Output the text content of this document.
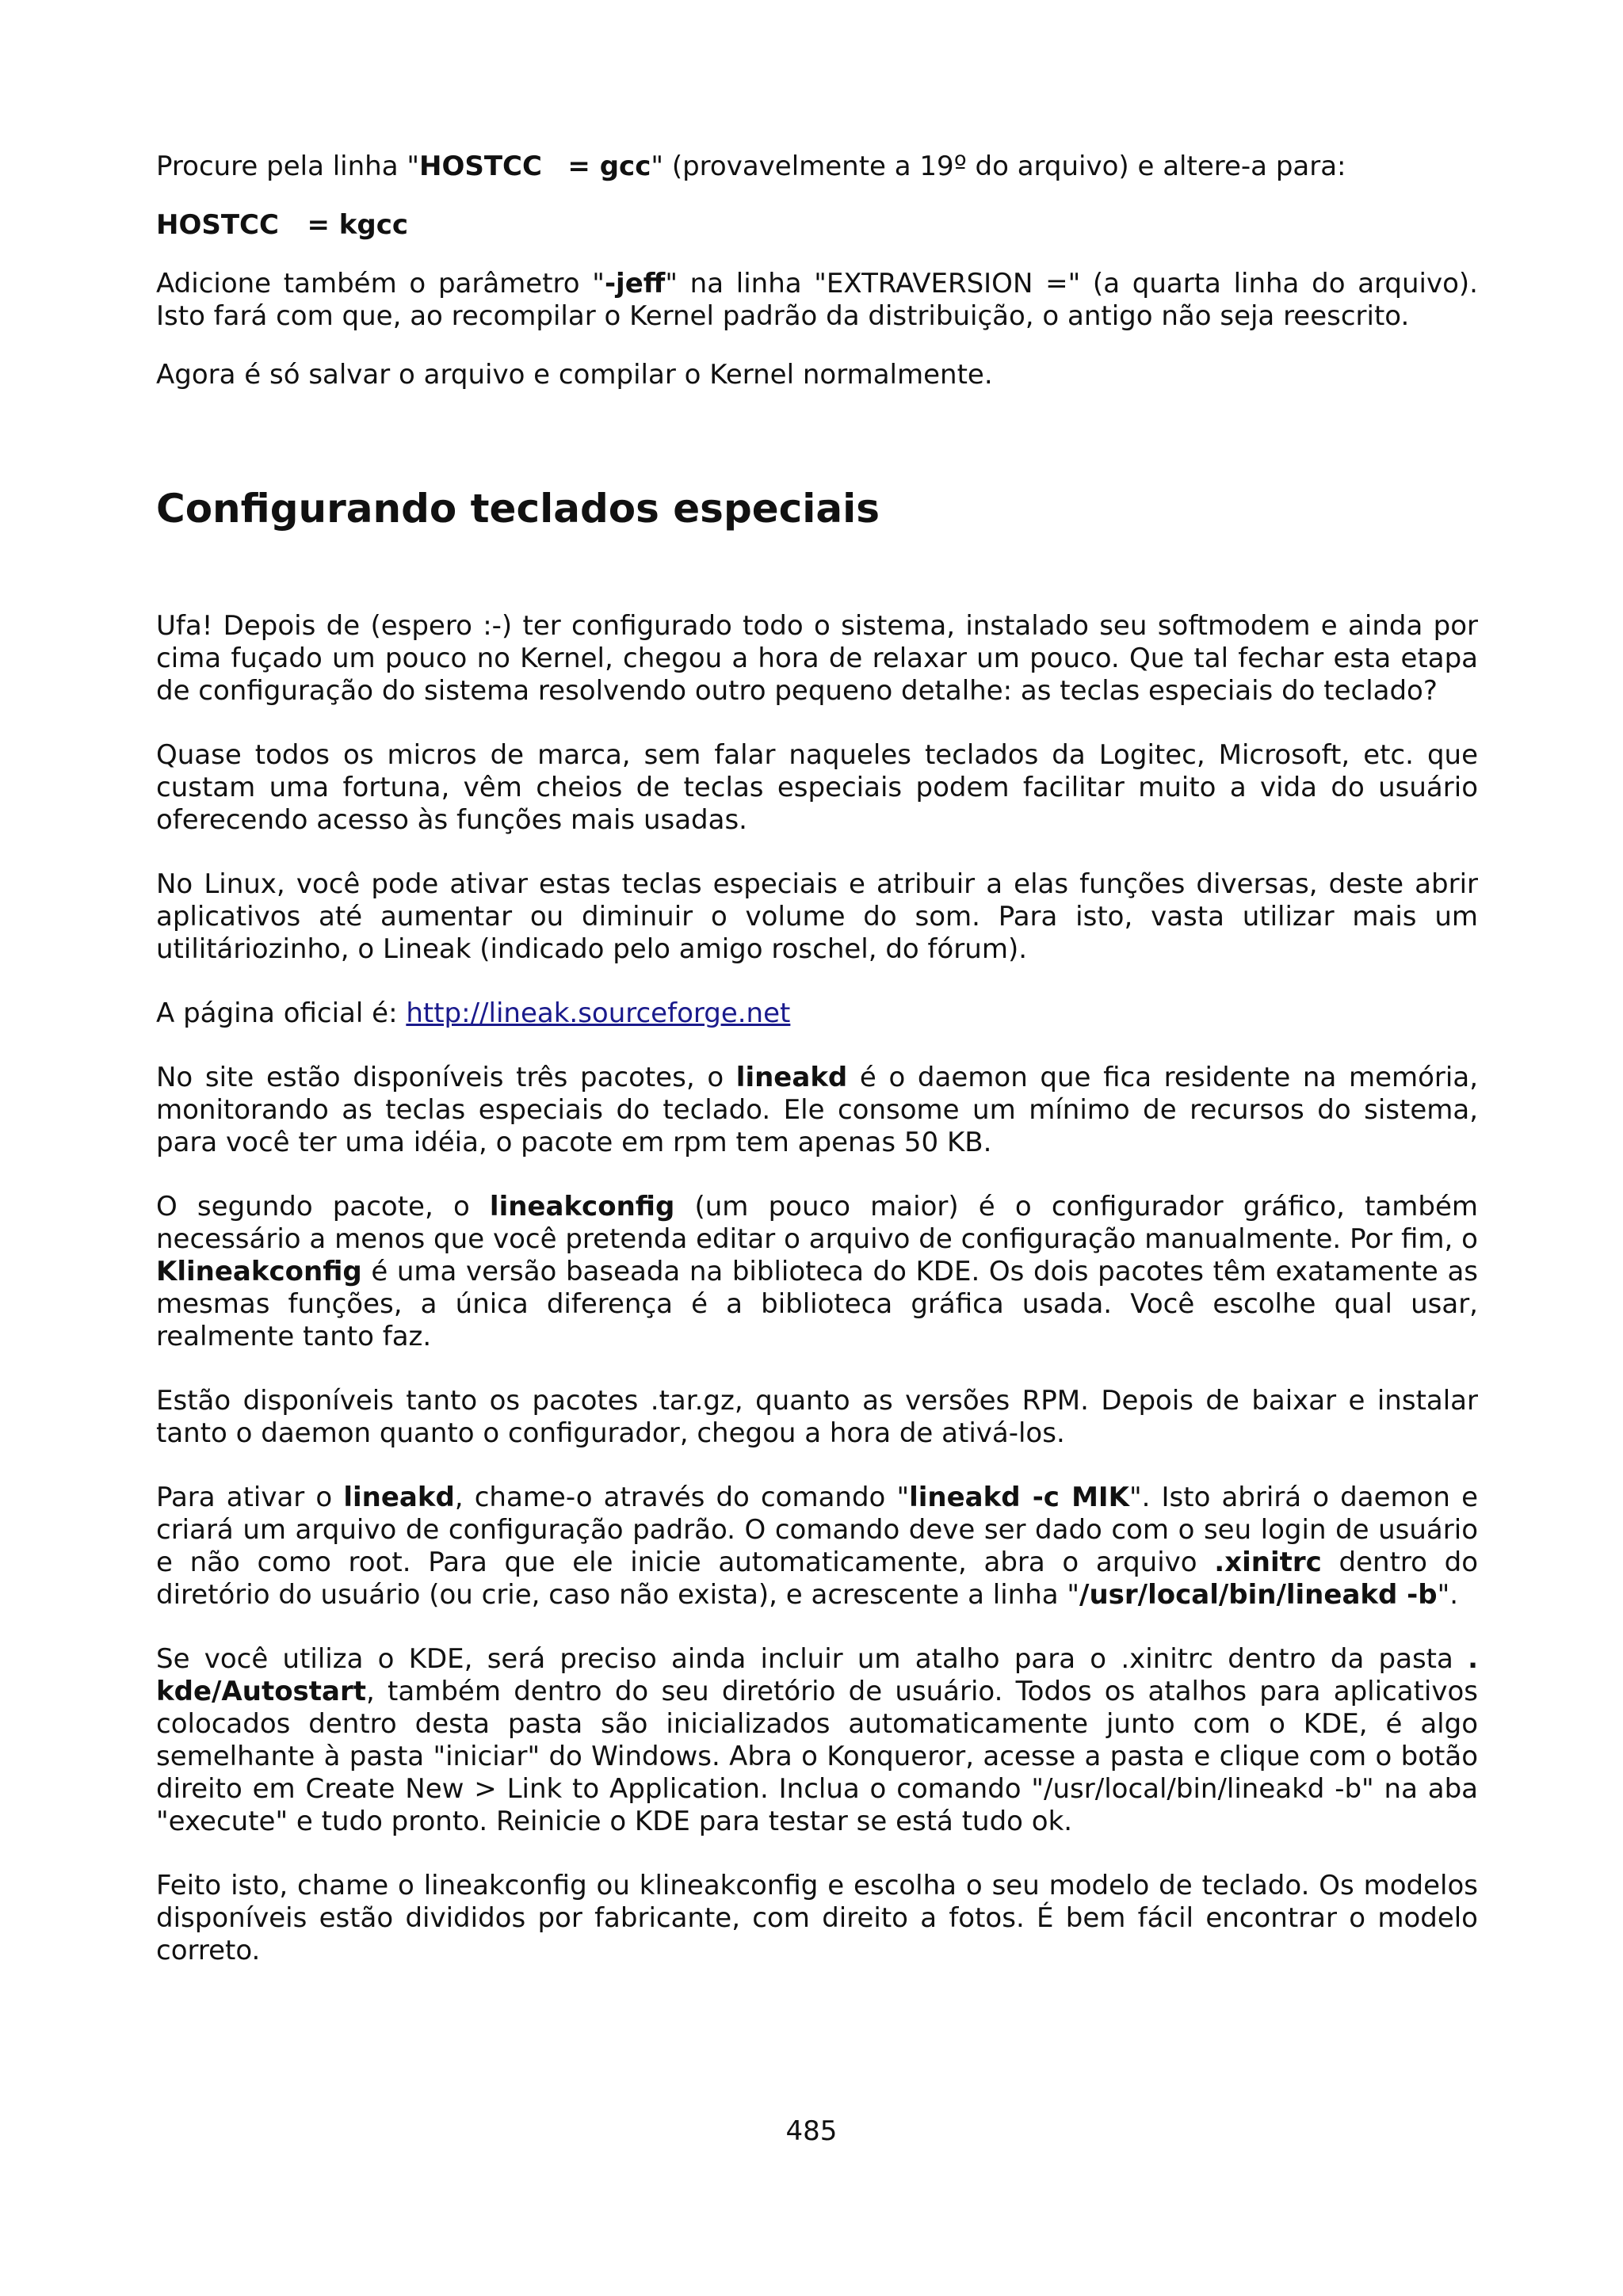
Procure pela linha "HOSTCC = gcc" (provavelmente a 19º do arquivo) e altere-a para:

HOSTCC   = kgcc

Adicione também o parâmetro "-jeff" na linha "EXTRAVERSION =" (a quarta linha do arquivo). Isto fará com que, ao recompilar o Kernel padrão da distribuição, o antigo não seja reescrito.

Agora é só salvar o arquivo e compilar o Kernel normalmente.

Configurando teclados especiais

Ufa! Depois de (espero :-) ter configurado todo o sistema, instalado seu softmodem e ainda por cima fuçado um pouco no Kernel, chegou a hora de relaxar um pouco. Que tal fechar esta etapa de configuração do sistema resolvendo outro pequeno detalhe: as teclas especiais do teclado?

Quase todos os micros de marca, sem falar naqueles teclados da Logitec, Microsoft, etc. que custam uma fortuna, vêm cheios de teclas especiais podem facilitar muito a vida do usuário oferecendo acesso às funções mais usadas.

No Linux, você pode ativar estas teclas especiais e atribuir a elas funções diversas, deste abrir aplicativos até aumentar ou diminuir o volume do som. Para isto, vasta utilizar mais um utilitáriozinho, o Lineak (indicado pelo amigo roschel, do fórum).

A página oficial é: http://lineak.sourceforge.net

No site estão disponíveis três pacotes, o lineakd é o daemon que fica residente na memória, monitorando as teclas especiais do teclado. Ele consome um mínimo de recursos do sistema, para você ter uma idéia, o pacote em rpm tem apenas 50 KB.

O segundo pacote, o lineakconfig (um pouco maior) é o configurador gráfico, também necessário a menos que você pretenda editar o arquivo de configuração manualmente. Por fim, o Klineakconfig é uma versão baseada na biblioteca do KDE. Os dois pacotes têm exatamente as mesmas funções, a única diferença é a biblioteca gráfica usada. Você escolhe qual usar, realmente tanto faz.

Estão disponíveis tanto os pacotes .tar.gz, quanto as versões RPM. Depois de baixar e instalar tanto o daemon quanto o configurador, chegou a hora de ativá-los.

Para ativar o lineakd, chame-o através do comando "lineakd -c MIK". Isto abrirá o daemon e criará um arquivo de configuração padrão. O comando deve ser dado com o seu login de usuário e não como root. Para que ele inicie automaticamente, abra o arquivo .xinitrc dentro do diretório do usuário (ou crie, caso não exista), e acrescente a linha "/usr/local/bin/lineakd -b".

Se você utiliza o KDE, será preciso ainda incluir um atalho para o .xinitrc dentro da pasta . kde/Autostart, também dentro do seu diretório de usuário. Todos os atalhos para aplicativos colocados dentro desta pasta são inicializados automaticamente junto com o KDE, é algo semelhante à pasta "iniciar" do Windows. Abra o Konqueror, acesse a pasta e clique com o botão direito em Create New > Link to Application. Inclua o comando "/usr/local/bin/lineakd -b" na aba "execute" e tudo pronto. Reinicie o KDE para testar se está tudo ok.

Feito isto, chame o lineakconfig ou klineakconfig e escolha o seu modelo de teclado. Os modelos disponíveis estão divididos por fabricante, com direito a fotos. É bem fácil encontrar o modelo correto.

485
